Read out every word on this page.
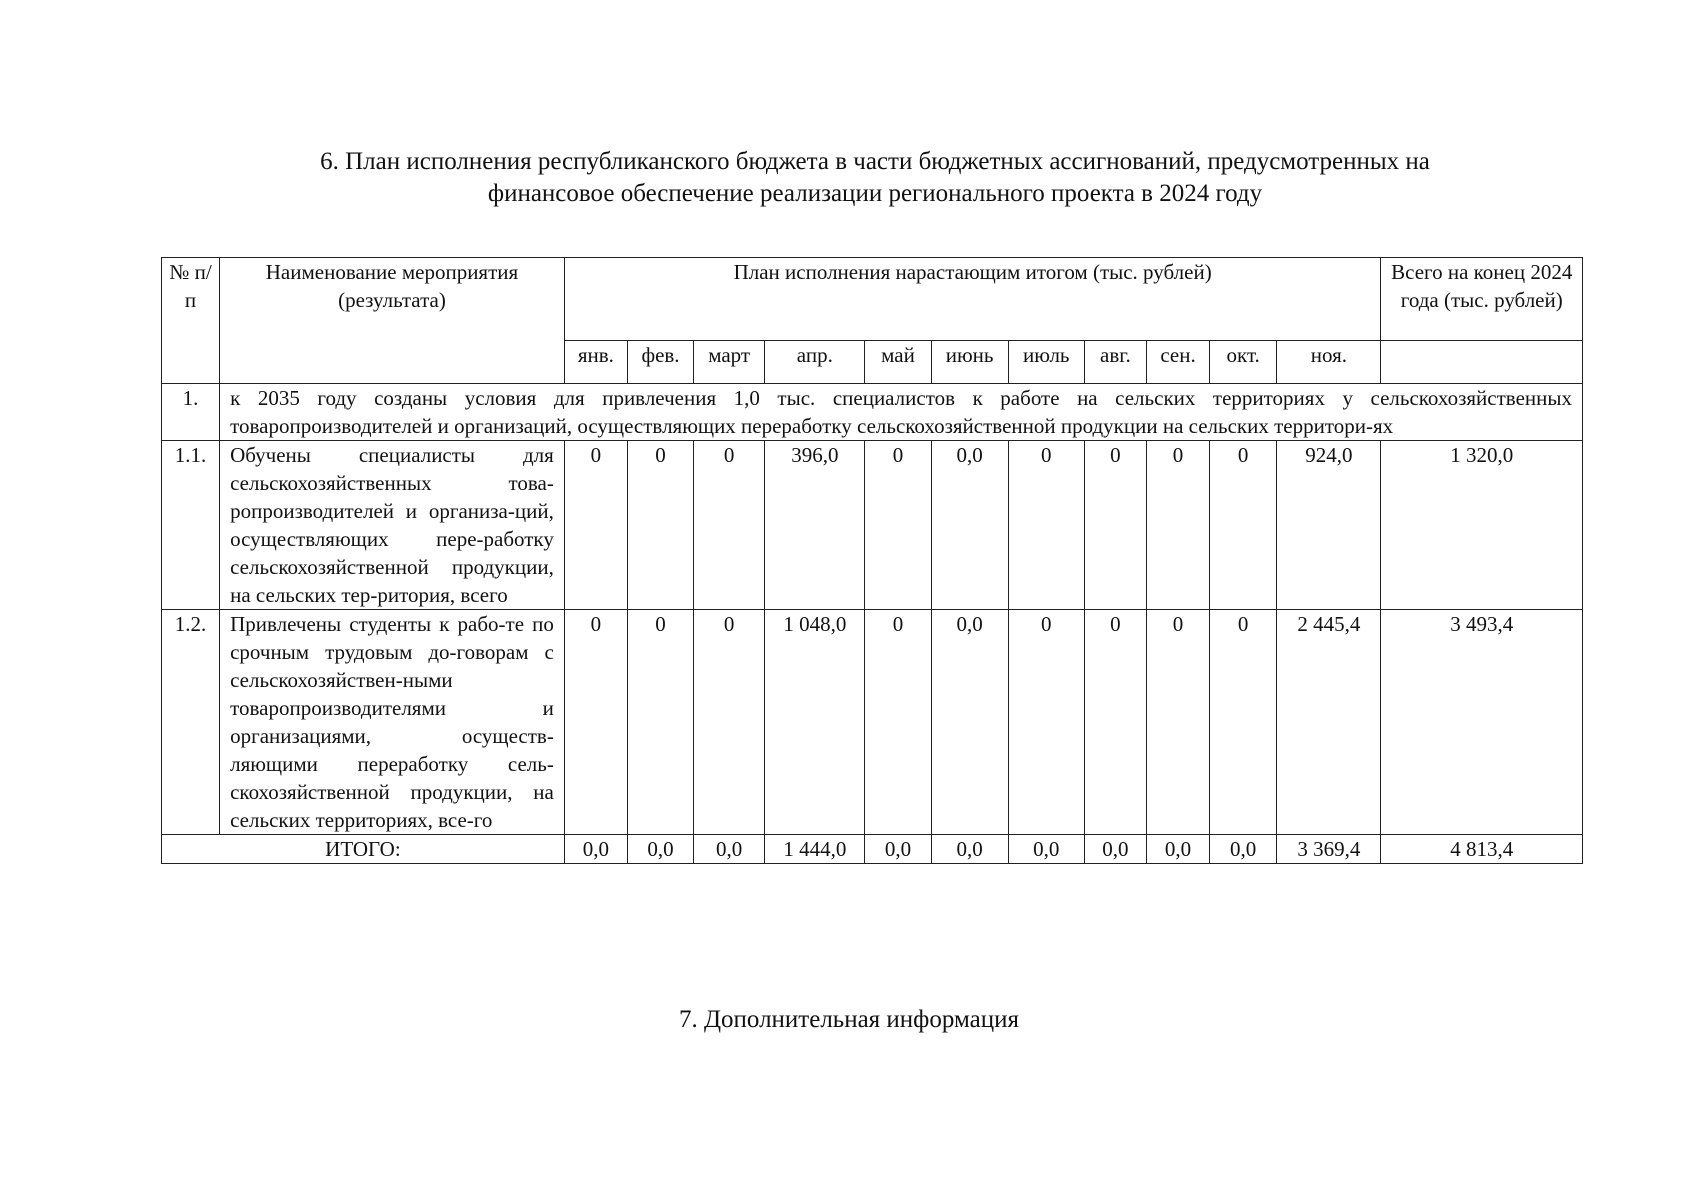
6. План исполнения республиканского бюджета в части бюджетных ассигнований, предусмотренных на
финансовое обеспечение реализации регионального проекта в 2024 году
№ п/п	Наименование мероприятия (результата)	План исполнения нарастающим итогом (тыс. рублей)											Всего на конец 2024 года (тыс. рублей)
		янв.	фев.	март	апр.	май	июнь	июль	авг.	сен.	окт.	ноя.	
1.	к 2035 году созданы условия для привлечения 1,0 тыс. специалистов к работе на сельских территориях у сельскохозяйственных товаропроизводителей и организаций, осуществляющих переработку сельскохозяйственной продукции на сельских территори-ях												
1.1.	Обучены специалисты для сельскохозяйственных това-ропроизводителей и организа-ций, осуществляющих пере-работку сельскохозяйственной продукции, на сельских тер-ритория, всего	0	0	0	396,0	0	0,0	0	0	0	0	924,0	1 320,0
1.2.	Привлечены студенты к рабо-те по срочным трудовым до-говорам с сельскохозяйствен-ными товаропроизводителями и организациями, осуществ-ляющими переработку сель-скохозяйственной продукции, на сельских территориях, все-го	0	0	0	1 048,0	0	0,0	0	0	0	0	2 445,4	3 493,4
ИТОГО:		0,0	0,0	0,0	1 444,0	0,0	0,0	0,0	0,0	0,0	0,0	3 369,4	4 813,4
7. Дополнительная информация
